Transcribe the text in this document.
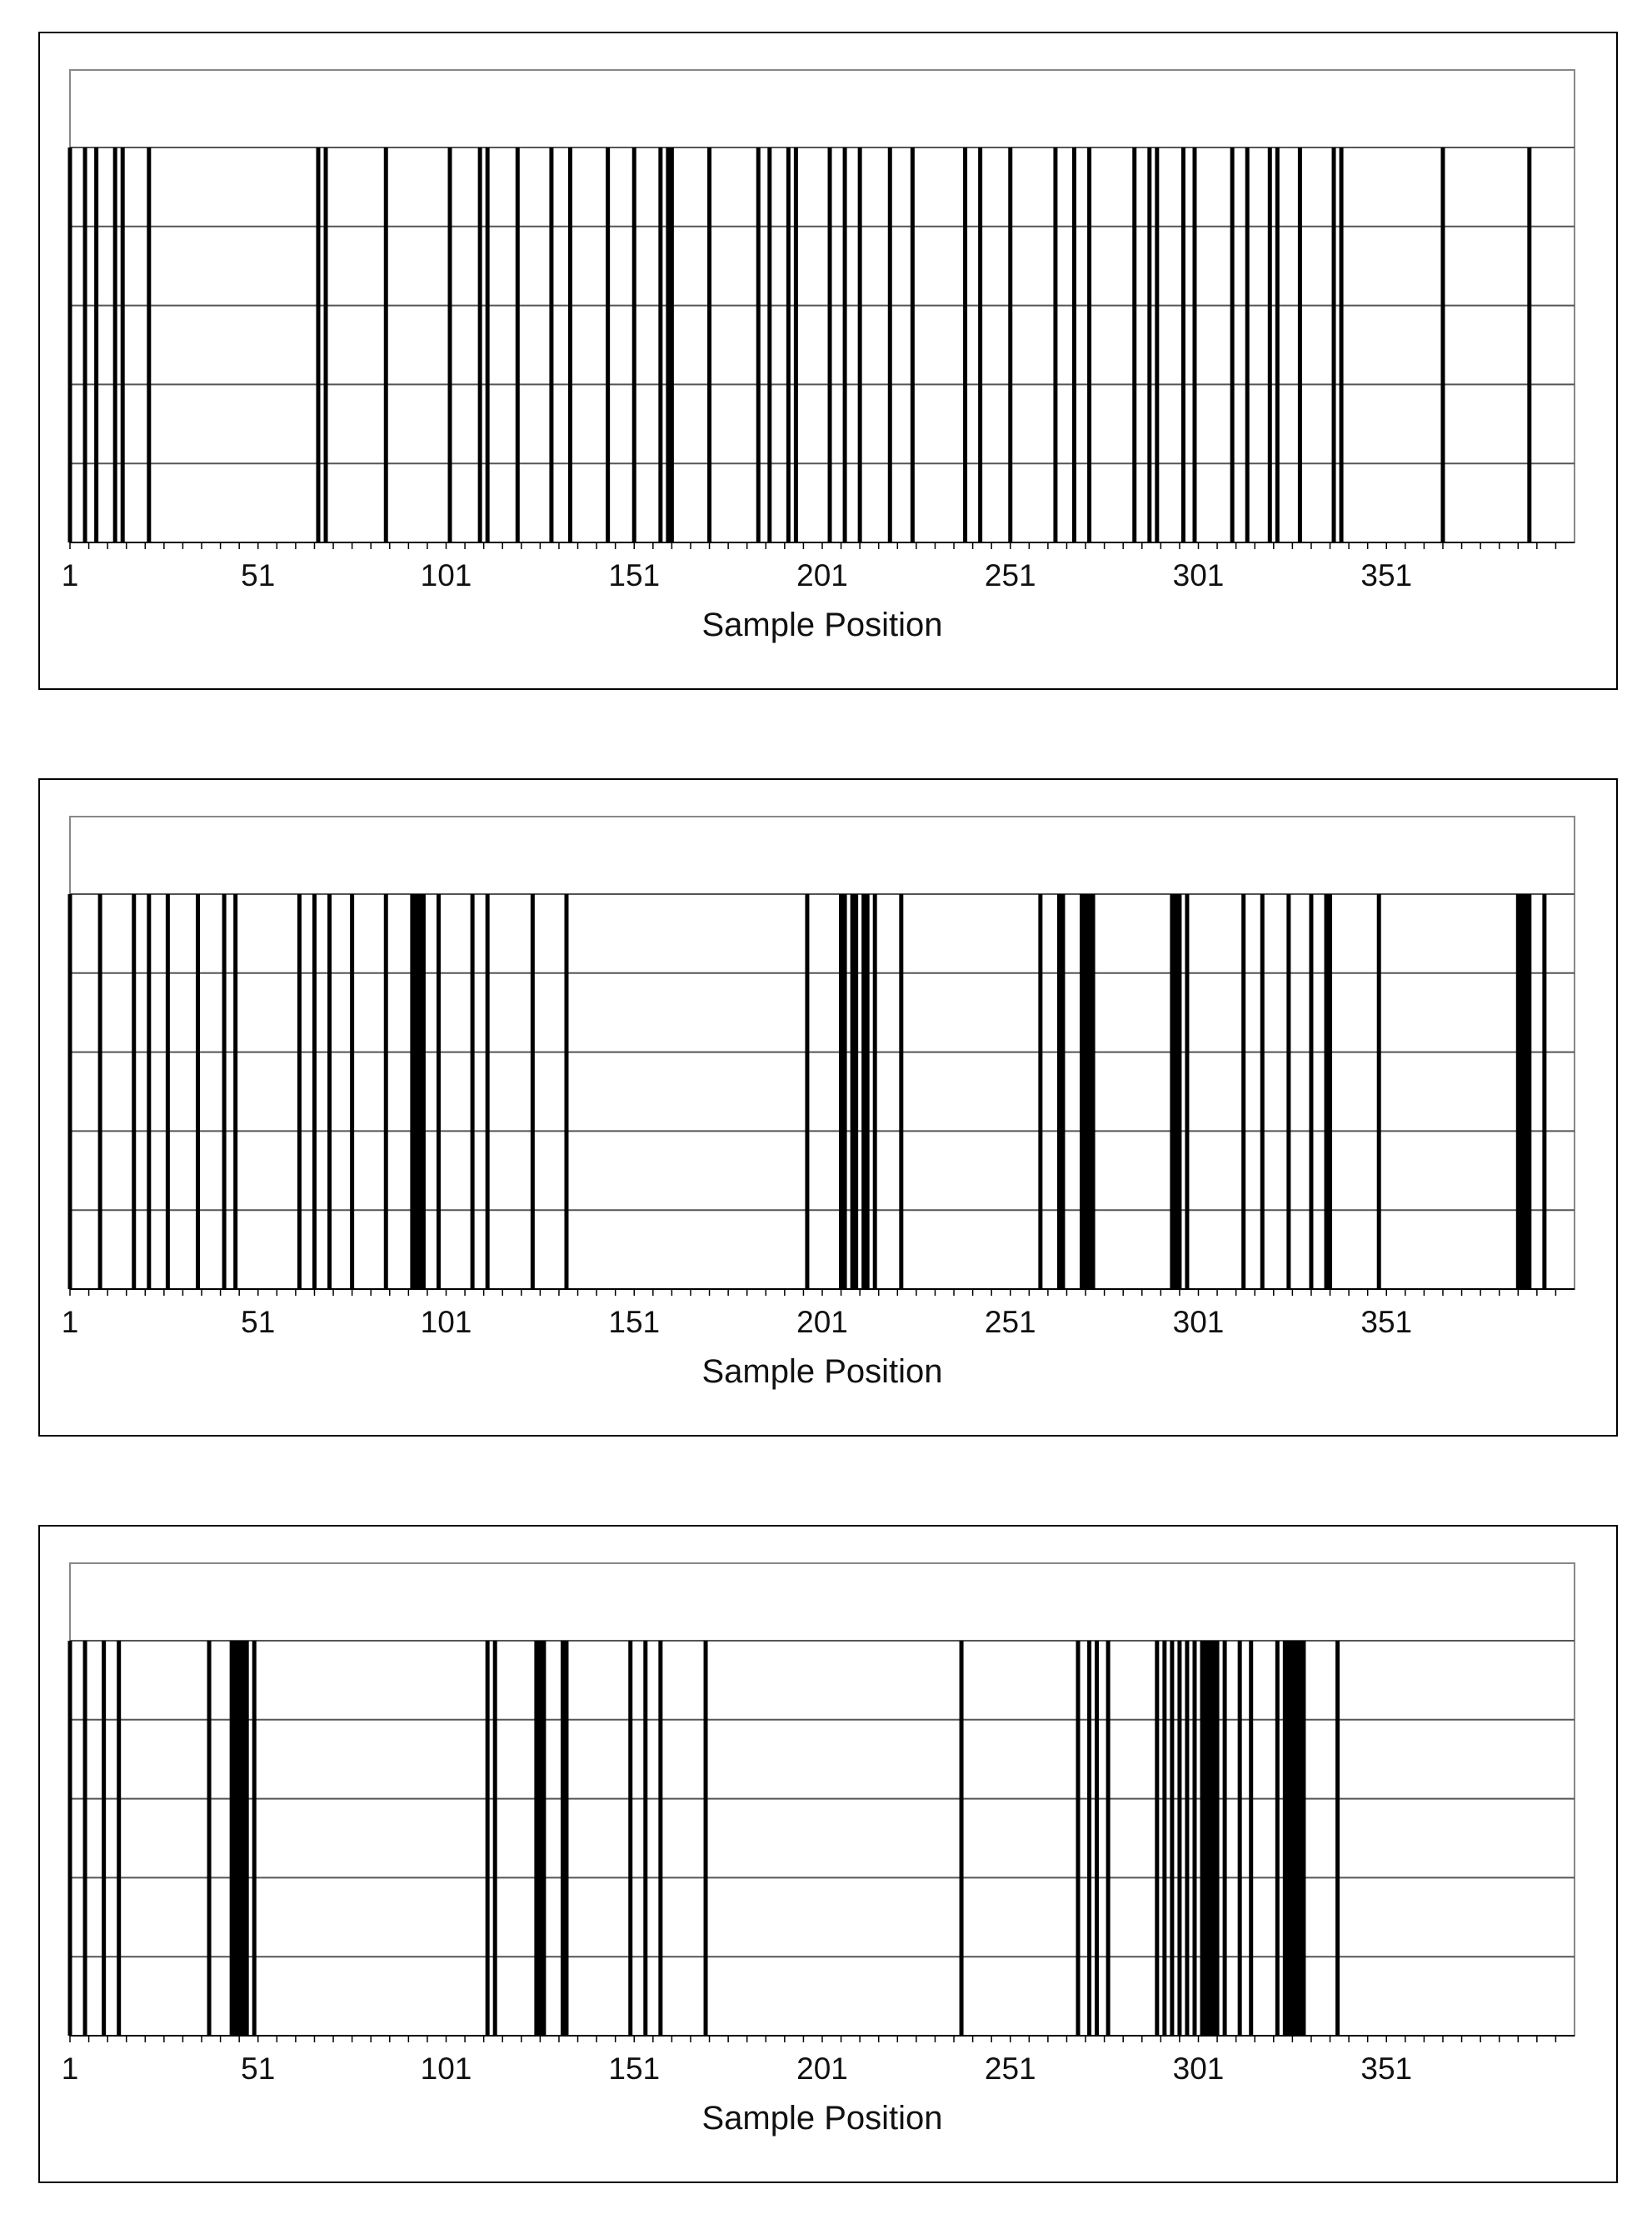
1	51	101	151	201	251	301	351
Sample Position
1	51	101	151	201	251	301	351
Sample Position
1	51	101	151	201	251	301	351
Sample Position
